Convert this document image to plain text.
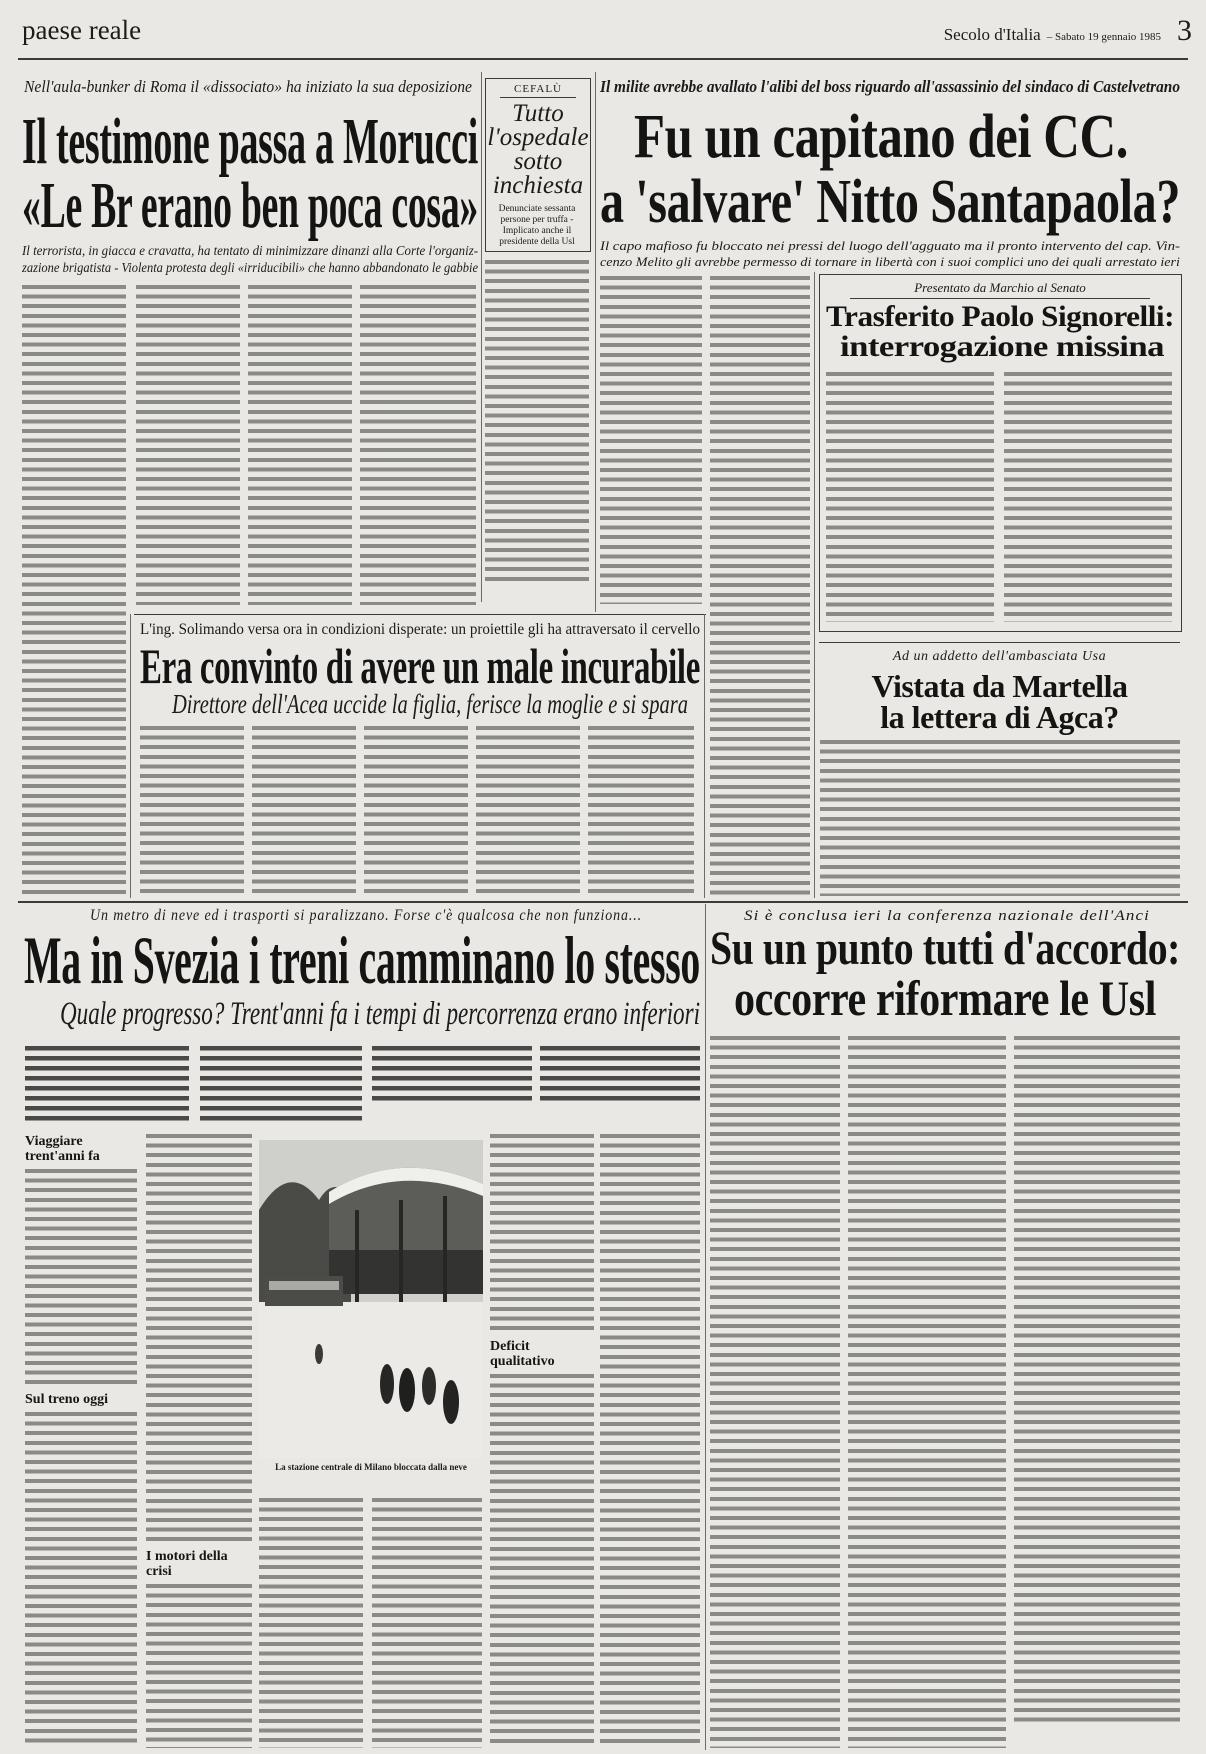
paese reale	Secolo d'Italia
–	Sabato 19 gennaio 1985 3
Nell'aula-bunker di Roma il «dissociato» ha iniziato la sua deposizione
Il testimone passa a Morucci
«Le Br erano ben poca cosa»
Il terrorista, in giacca e cravatta, ha tentato di minimizzare dinanzi alla Corte l'organiz-
zazione brigatista - Violenta protesta degli «irriducibili» che hanno abbandonato le gabbie
CEFALÙ
Tutto
l'ospedale
sotto
inchiesta
Denunciate sessanta persone per truffa - Implicato anche il presidente della Usl
Il milite avrebbe avallato l'alibi del boss riguardo all'assassinio del sindaco di Castelvetrano
Fu un capitano dei CC.
a 'salvare' Nitto Santapaola?
Il capo mafioso fu bloccato nei pressi del luogo dell'agguato ma il pronto intervento del cap. Vin-
cenzo Melito gli avrebbe permesso di tornare in libertà con i suoi complici uno dei quali arrestato ieri
Presentato da Marchio al Senato
Trasferito Paolo Signorelli:
interrogazione missina
L'ing. Solimando versa ora in condizioni disperate: un proiettile gli ha attraversato il cervello
Era convinto di avere un male incurabile
Direttore dell'Acea uccide la figlia, ferisce la moglie e si spara
Ad un addetto dell'ambasciata Usa
Vistata da Martella
la lettera di Agca?
Un metro di neve ed i trasporti si paralizzano. Forse c'è qualcosa che non funziona...
Ma in Svezia i treni camminano lo stesso
Quale progresso? Trent'anni fa i tempi di percorrenza erano inferiori
Viaggiare trent'anni fa
Sul treno oggi
I motori della crisi
La stazione centrale di Milano bloccata dalla neve
Deficit qualitativo
Si è conclusa ieri la conferenza nazionale dell'Anci
Su un punto tutti d'accordo:
occorre riformare le Usl
